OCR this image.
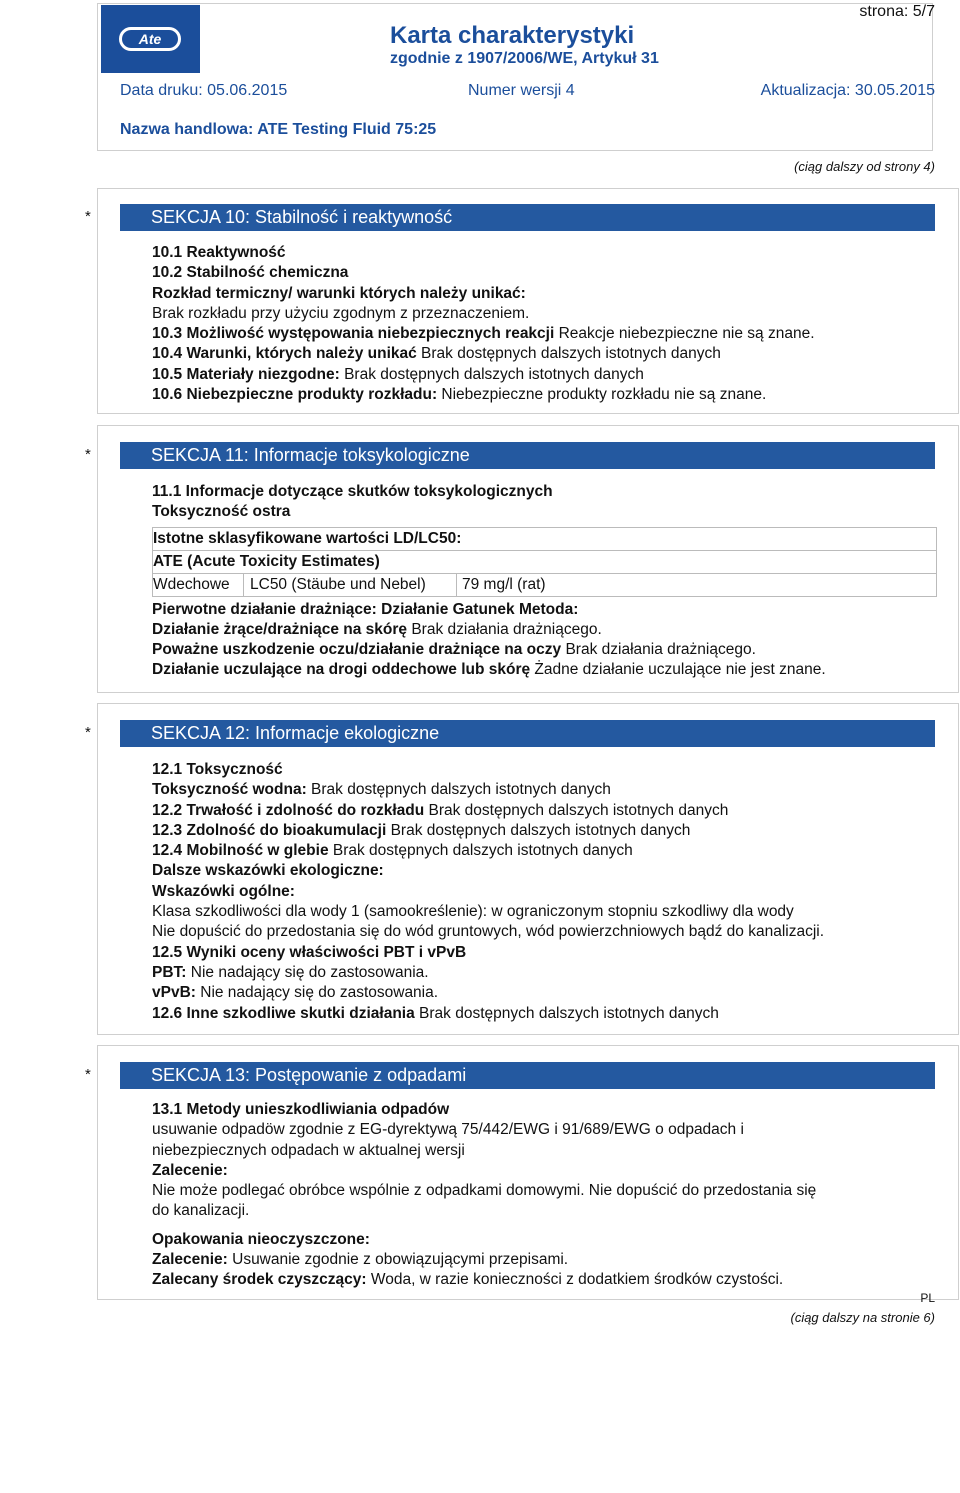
Ate
strona: 5/7
Karta charakterystyki
zgodnie z 1907/2006/WE, Artykuł 31
Data druku: 05.06.2015	Numer wersji 4	Aktualizacja: 30.05.2015
Nazwa handlowa: ATE Testing Fluid 75:25
(ciąg dalszy od strony 4)
*	SEKCJA 10: Stabilność i reaktywność
10.1 Reaktywność
10.2 Stabilność chemiczna
Rozkład termiczny/ warunki których należy unikać:
Brak rozkładu przy użyciu zgodnym z przeznaczeniem.
10.3 Możliwość występowania niebezpiecznych reakcji Reakcje niebezpieczne nie są znane.
10.4 Warunki, których należy unikać Brak dostępnych dalszych istotnych danych
10.5 Materiały niezgodne: Brak dostępnych dalszych istotnych danych
10.6 Niebezpieczne produkty rozkładu: Niebezpieczne produkty rozkładu nie są znane.
*	SEKCJA 11: Informacje toksykologiczne
11.1 Informacje dotyczące skutków toksykologicznych
Toksyczność ostra
Istotne sklasyfikowane wartości LD/LC50:
ATE (Acute Toxicity Estimates)
Wdechowe LC50 (Stäube und Nebel) 79 mg/l (rat)
Pierwotne działanie drażniące: Działanie Gatunek Metoda:
Działanie żrące/drażniące na skórę Brak działania drażniącego.
Poważne uszkodzenie oczu/działanie drażniące na oczy Brak działania drażniącego.
Działanie uczulające na drogi oddechowe lub skórę Żadne działanie uczulające nie jest znane.
*	SEKCJA 12: Informacje ekologiczne
12.1 Toksyczność
Toksyczność wodna: Brak dostępnych dalszych istotnych danych
12.2 Trwałość i zdolność do rozkładu Brak dostępnych dalszych istotnych danych
12.3 Zdolność do bioakumulacji Brak dostępnych dalszych istotnych danych
12.4 Mobilność w glebie Brak dostępnych dalszych istotnych danych
Dalsze wskazówki ekologiczne:
Wskazówki ogólne:
Klasa szkodliwości dla wody 1 (samookreślenie): w ograniczonym stopniu szkodliwy dla wody
Nie dopuścić do przedostania się do wód gruntowych, wód powierzchniowych bądź do kanalizacji.
12.5 Wyniki oceny właściwości PBT i vPvB
PBT: Nie nadający się do zastosowania.
vPvB: Nie nadający się do zastosowania.
12.6 Inne szkodliwe skutki działania Brak dostępnych dalszych istotnych danych
*	SEKCJA 13: Postępowanie z odpadami
13.1 Metody unieszkodliwiania odpadów
usuwanie odpadöw zgodnie z EG-dyrektywą 75/442/EWG i 91/689/EWG o odpadach i
niebezpiecznych odpadach w aktualnej wersji
Zalecenie:
Nie może podlegać obróbce wspólnie z odpadkami domowymi. Nie dopuścić do przedostania się
do kanalizacji.
Opakowania nieoczyszczone:
Zalecenie: Usuwanie zgodnie z obowiązującymi przepisami.
Zalecany środek czyszczący: Woda, w razie konieczności z dodatkiem środków czystości.
PL
(ciąg dalszy na stronie 6)
